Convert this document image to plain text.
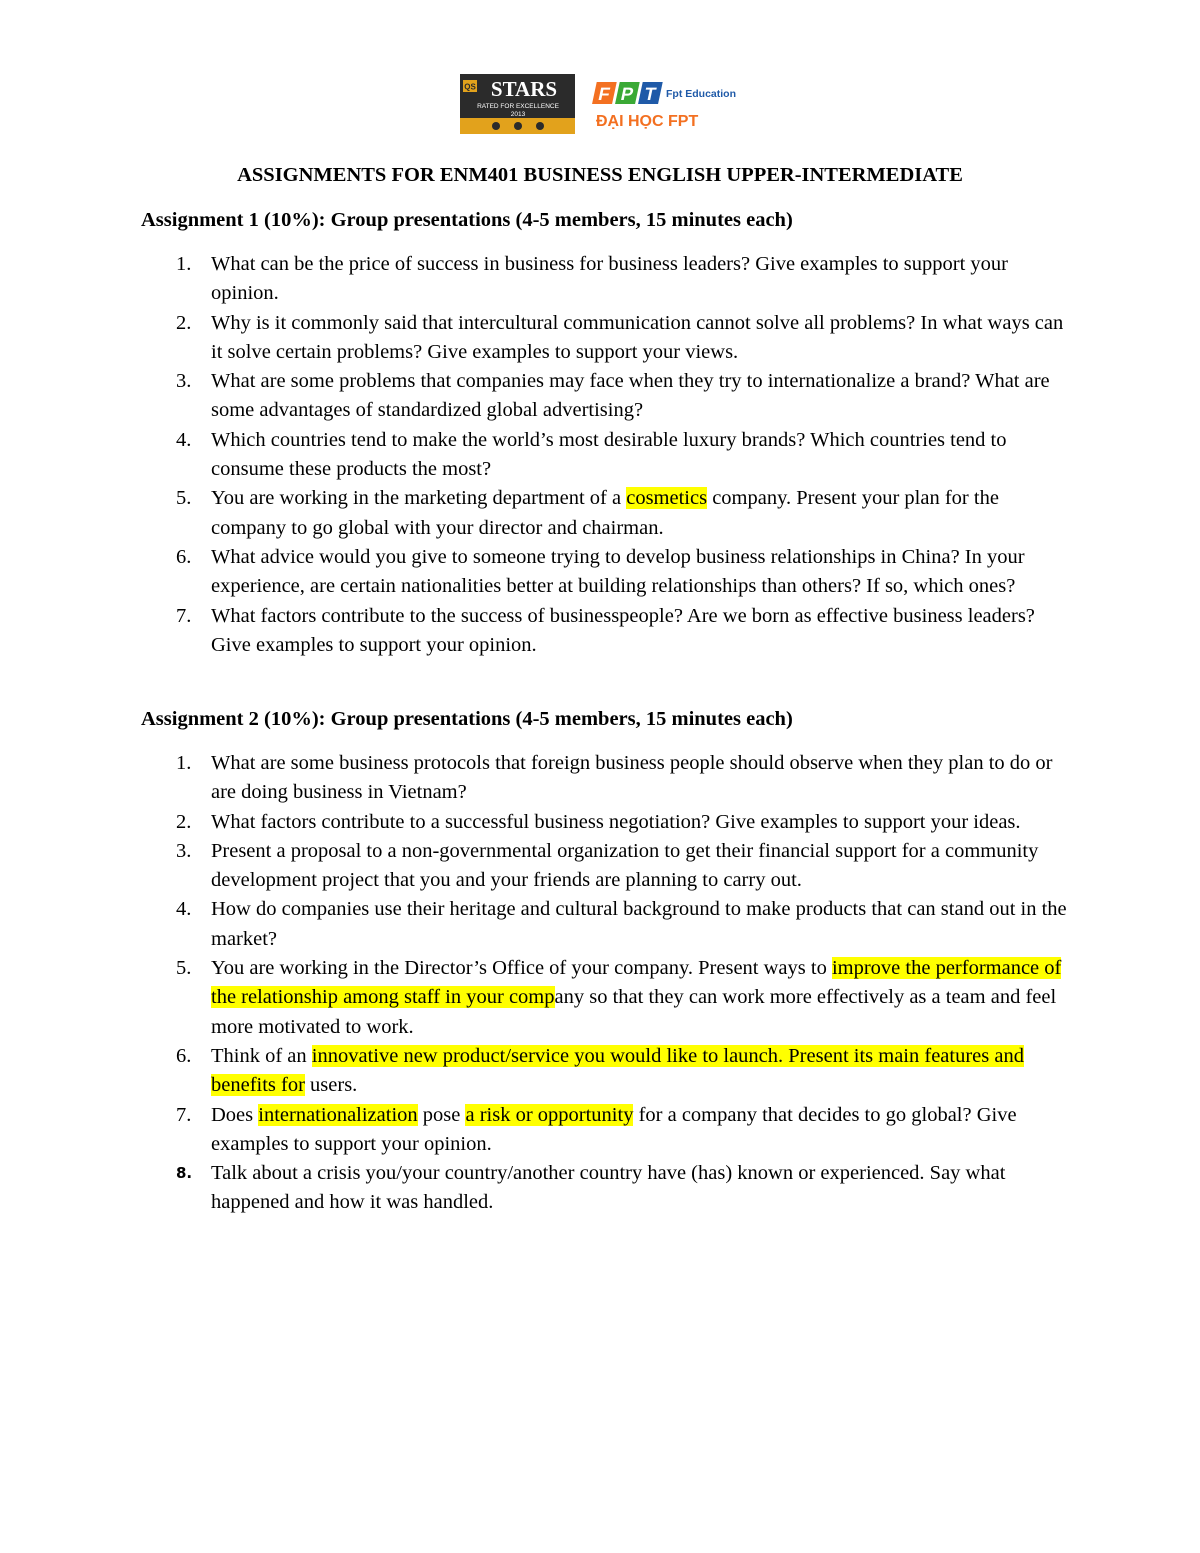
QS STARS
RATED FOR EXCELLENCE
2013
F P T Fpt Education
ĐẠI HỌC FPT
ASSIGNMENTS FOR ENM401 BUSINESS ENGLISH UPPER-INTERMEDIATE
Assignment 1 (10%): Group presentations (4-5 members, 15 minutes each)
1. What can be the price of success in business for business leaders? Give examples to support your opinion.
2. Why is it commonly said that intercultural communication cannot solve all problems? In what ways can it solve certain problems? Give examples to support your views.
3. What are some problems that companies may face when they try to internationalize a brand? What are some advantages of standardized global advertising?
4. Which countries tend to make the world’s most desirable luxury brands? Which countries tend to consume these products the most?
5. You are working in the marketing department of a cosmetics company. Present your plan for the company to go global with your director and chairman.
6. What advice would you give to someone trying to develop business relationships in China? In your experience, are certain nationalities better at building relationships than others? If so, which ones?
7. What factors contribute to the success of businesspeople? Are we born as effective business leaders? Give examples to support your opinion.
Assignment 2 (10%): Group presentations (4-5 members, 15 minutes each)
1. What are some business protocols that foreign business people should observe when they plan to do or are doing business in Vietnam?
2. What factors contribute to a successful business negotiation? Give examples to support your ideas.
3. Present a proposal to a non-governmental organization to get their financial support for a community development project that you and your friends are planning to carry out.
4. How do companies use their heritage and cultural background to make products that can stand out in the market?
5. You are working in the Director’s Office of your company. Present ways to improve the performance of the relationship among staff in your company so that they can work more effectively as a team and feel more motivated to work.
6. Think of an innovative new product/service you would like to launch. Present its main features and benefits for users.
7. Does internationalization pose a risk or opportunity for a company that decides to go global? Give examples to support your opinion.
8. Talk about a crisis you/your country/another country have (has) known or experienced. Say what happened and how it was handled.
